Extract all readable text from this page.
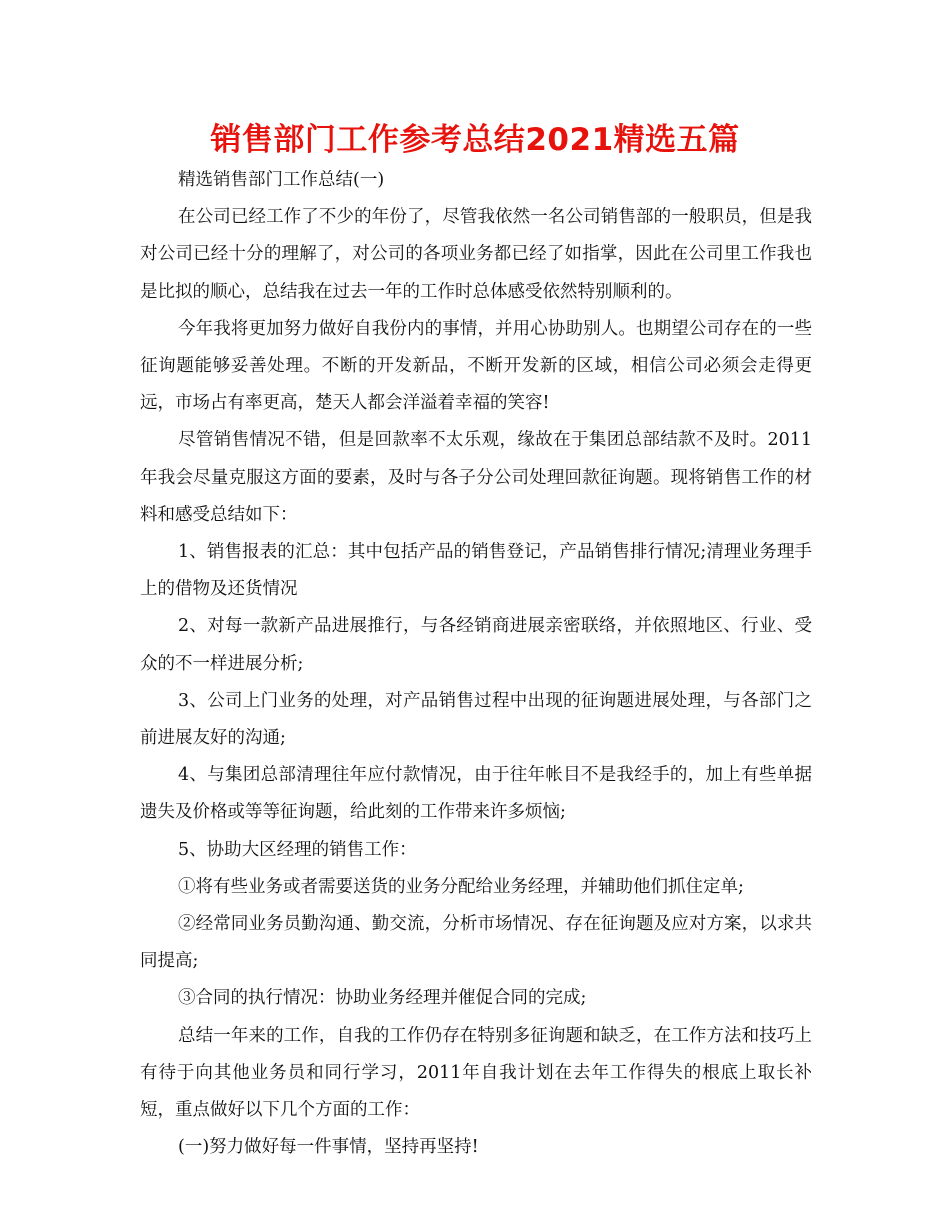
销售部门工作参考总结2021精选五篇

精选销售部门工作总结(一)

在公司已经工作了不少的年份了，尽管我依然一名公司销售部的一般职员，但是我对公司已经十分的理解了，对公司的各项业务都已经了如指掌，因此在公司里工作我也是比拟的顺心，总结我在过去一年的工作时总体感受依然特别顺利的。

今年我将更加努力做好自我份内的事情，并用心协助别人。也期望公司存在的一些征询题能够妥善处理。不断的开发新品，不断开发新的区域，相信公司必须会走得更远，市场占有率更高，楚天人都会洋溢着幸福的笑容!

尽管销售情况不错，但是回款率不太乐观，缘故在于集团总部结款不及时。2011年我会尽量克服这方面的要素，及时与各子分公司处理回款征询题。现将销售工作的材料和感受总结如下：

1、销售报表的汇总：其中包括产品的销售登记，产品销售排行情况;清理业务理手上的借物及还货情况

2、对每一款新产品进展推行，与各经销商进展亲密联络，并依照地区、行业、受众的不一样进展分析;

3、公司上门业务的处理，对产品销售过程中出现的征询题进展处理，与各部门之前进展友好的沟通;

4、与集团总部清理往年应付款情况，由于往年帐目不是我经手的，加上有些单据遗失及价格或等等征询题，给此刻的工作带来许多烦恼;

5、协助大区经理的销售工作：

①将有些业务或者需要送货的业务分配给业务经理，并辅助他们抓住定单;

②经常同业务员勤沟通、勤交流，分析市场情况、存在征询题及应对方案，以求共同提高;

③合同的执行情况：协助业务经理并催促合同的完成;

总结一年来的工作，自我的工作仍存在特别多征询题和缺乏，在工作方法和技巧上有待于向其他业务员和同行学习，2011年自我计划在去年工作得失的根底上取长补短，重点做好以下几个方面的工作：

(一)努力做好每一件事情，坚持再坚持!
